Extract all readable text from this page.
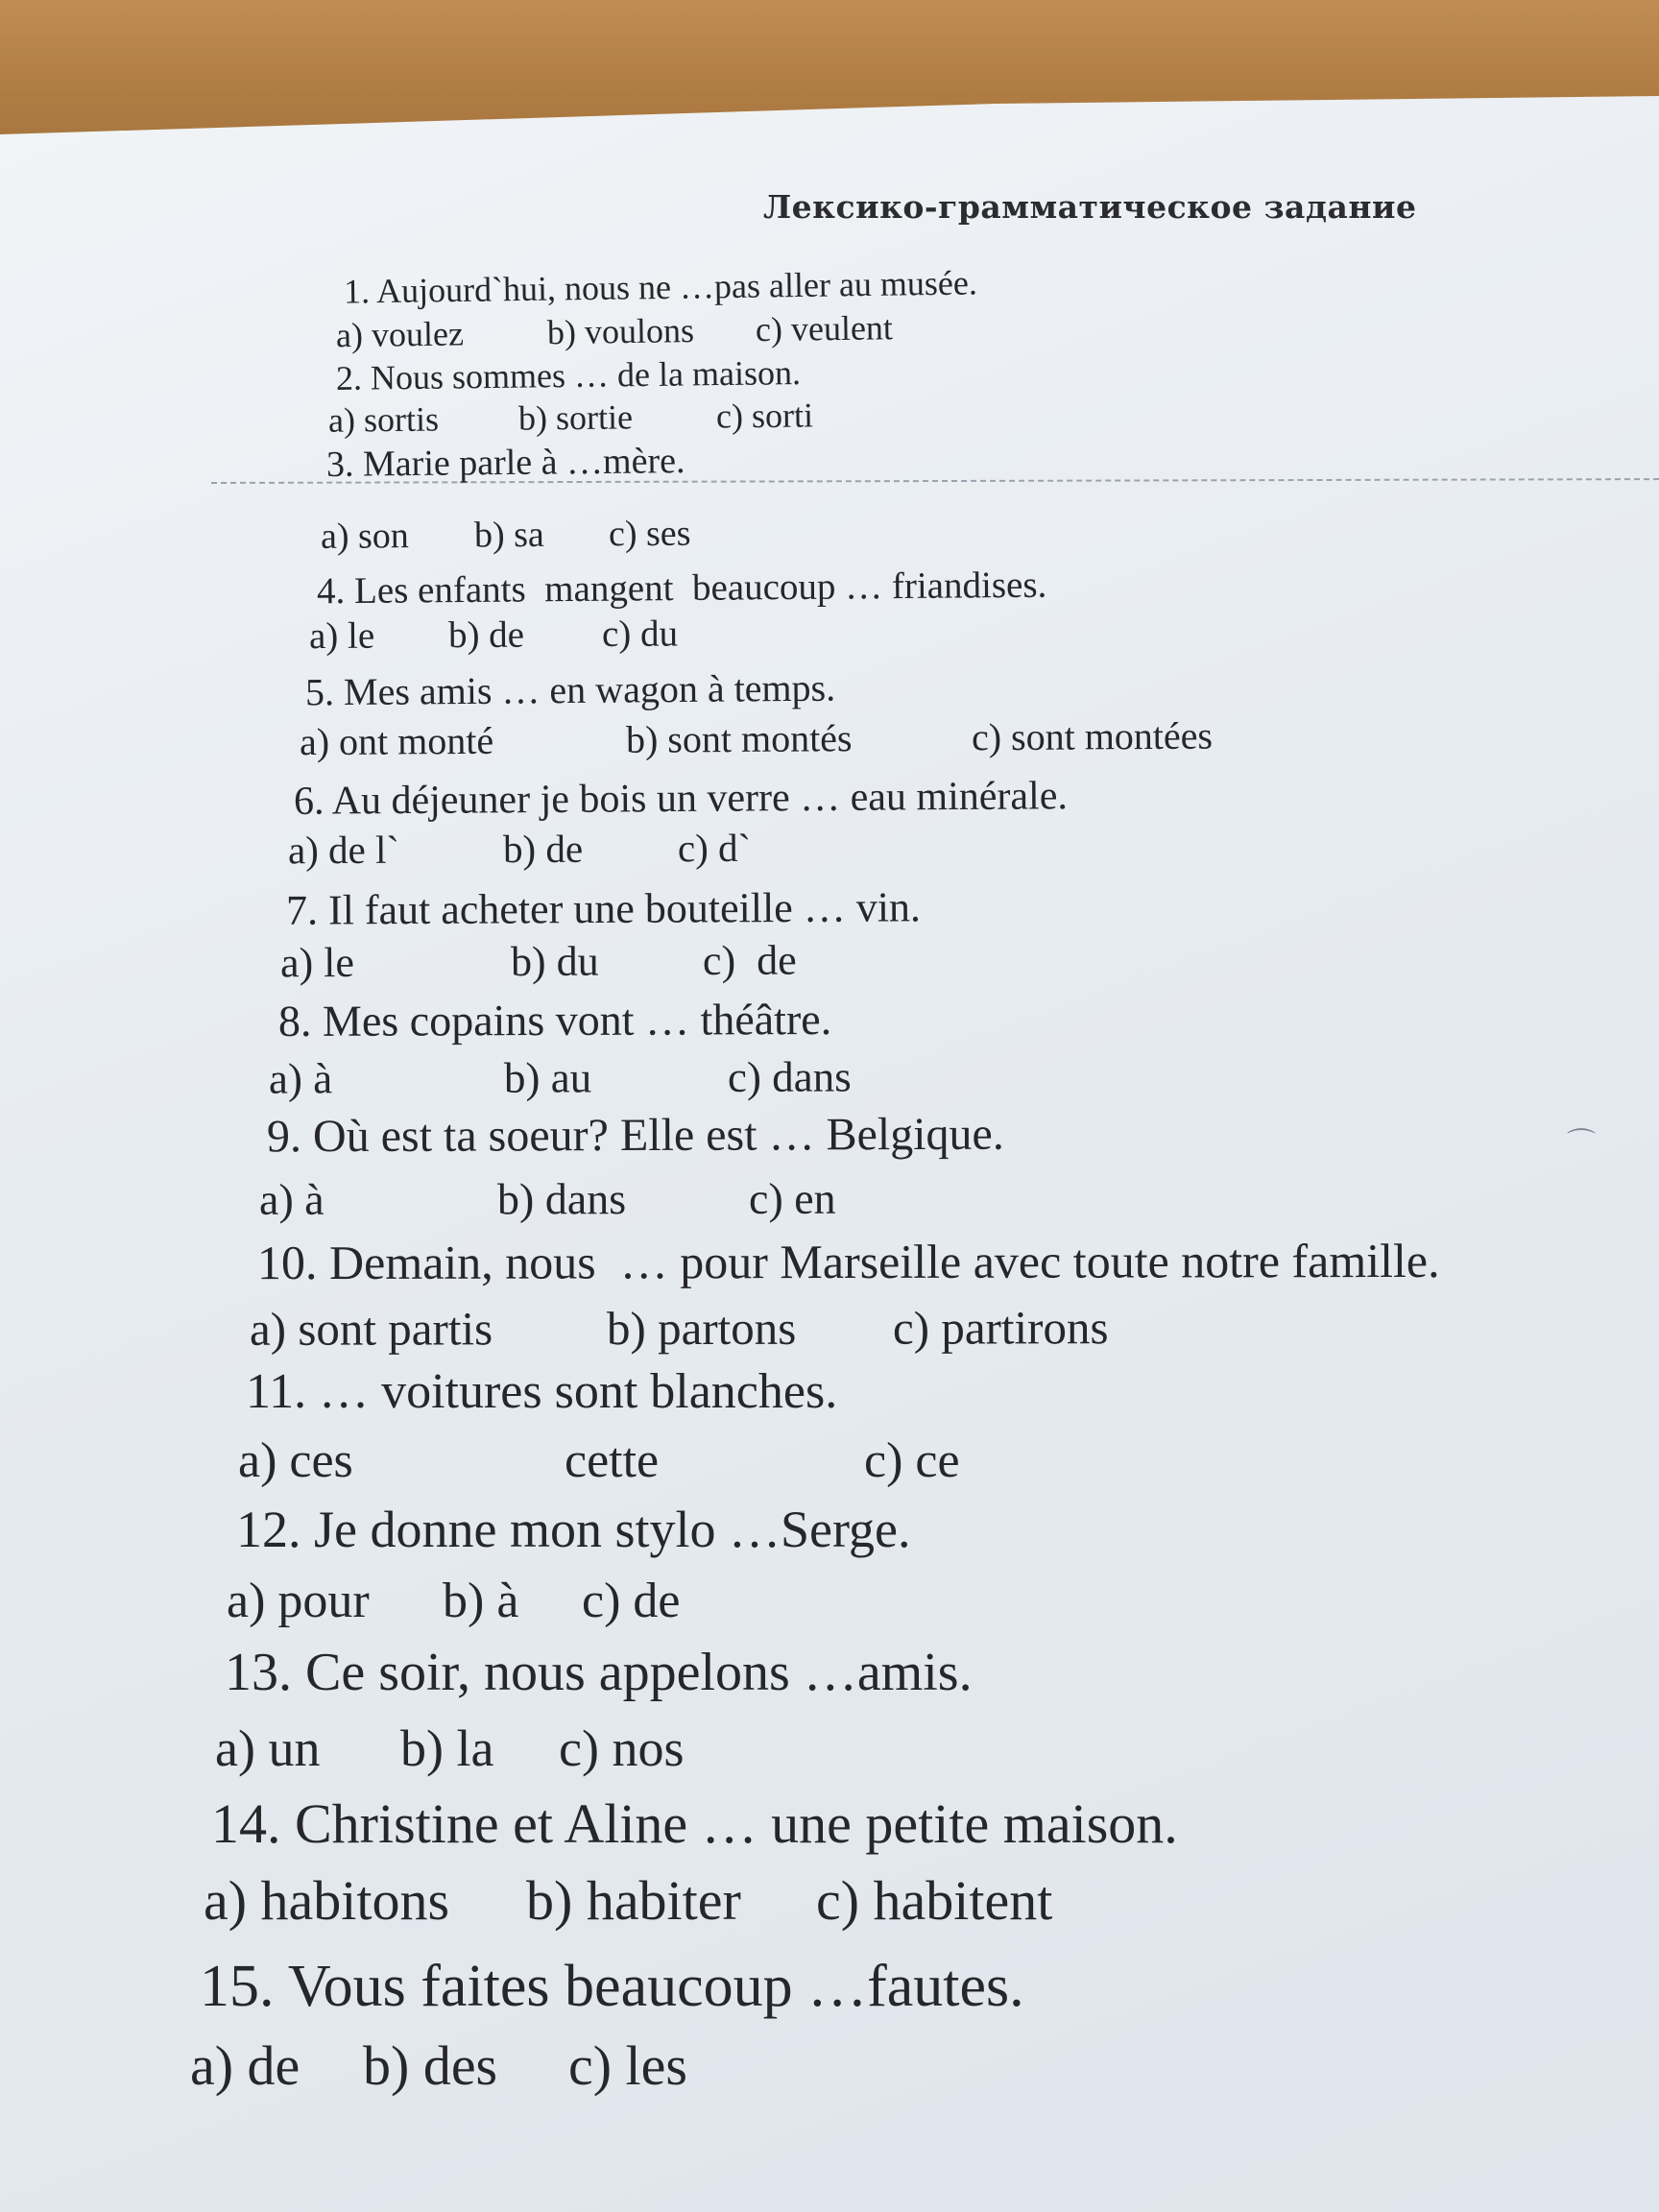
⌒
Лексико-грамматическое задание
1. Aujourd`hui, nous ne …pas aller au musée.
a) voulez b) voulons c) veulent
2. Nous sommes … de la maison.
a) sortis b) sortie c) sorti
3. Marie parle à …mère.
a) son b) sa c) ses
4. Les enfants  mangent  beaucoup … friandises.
a) le b) de c) du
5. Mes amis … en wagon à temps.
a) ont monté	b) sont montés	c) sont montées
6. Au déjeuner je bois un verre … eau minérale.
a) de l`	b) de c) d`
7. Il faut acheter une bouteille … vin.
a) le	b) du c)  de
8. Mes copains vont … théâtre.
a) à	b) au	c) dans
9. Où est ta soeur? Elle est … Belgique.
a) à	b) dans	c) en
10. Demain, nous  … pour Marseille avec toute notre famille.
a) sont partis b) partons c) partirons
11. … voitures sont blanches.
a) ces	cette	c) ce
12. Je donne mon stylo …Serge.
a) pour b) à c) de
13. Ce soir, nous appelons …amis.
a) un b) la c) nos
14. Christine et Aline … une petite maison.
a) habitons b) habiter c) habitent
15. Vous faites beaucoup …fautes.
a) de b) des c) les
